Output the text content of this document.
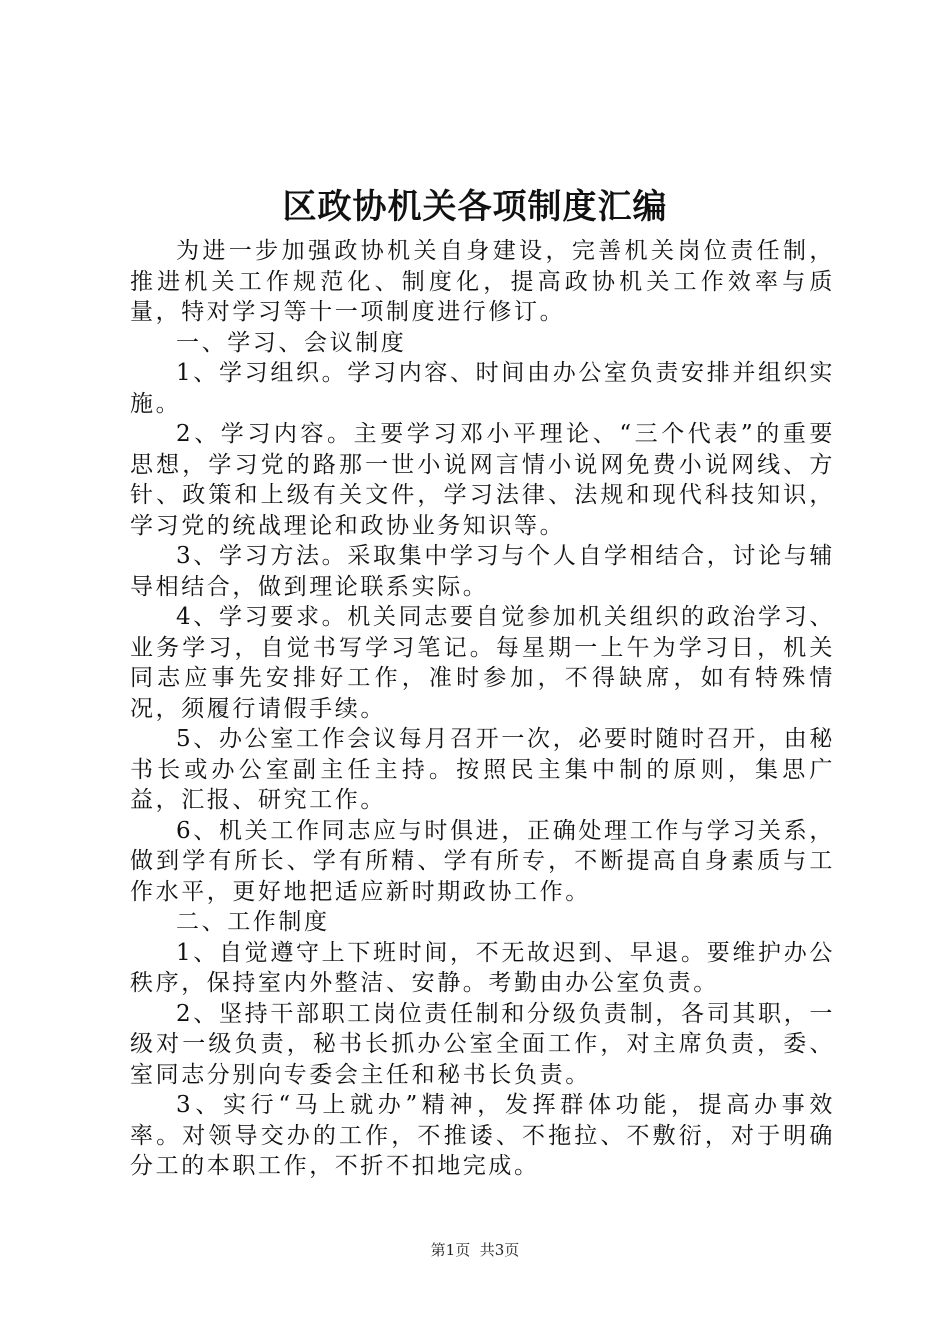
区政协机关各项制度汇编

为进一步加强政协机关自身建设，完善机关岗位责任制，推进机关工作规范化、制度化，提高政协机关工作效率与质量，特对学习等十一项制度进行修订。

一、学习、会议制度

1、学习组织。学习内容、时间由办公室负责安排并组织实施。

2、学习内容。主要学习邓小平理论、“三个代表”的重要思想，学习党的路那一世小说网言情小说网免费小说网线、方针、政策和上级有关文件，学习法律、法规和现代科技知识，学习党的统战理论和政协业务知识等。

3、学习方法。采取集中学习与个人自学相结合，讨论与辅导相结合，做到理论联系实际。

4、学习要求。机关同志要自觉参加机关组织的政治学习、业务学习，自觉书写学习笔记。每星期一上午为学习日，机关同志应事先安排好工作，准时参加，不得缺席，如有特殊情况，须履行请假手续。

5、办公室工作会议每月召开一次，必要时随时召开，由秘书长或办公室副主任主持。按照民主集中制的原则，集思广益，汇报、研究工作。

6、机关工作同志应与时俱进，正确处理工作与学习关系，做到学有所长、学有所精、学有所专，不断提高自身素质与工作水平，更好地把适应新时期政协工作。

二、工作制度

1、自觉遵守上下班时间，不无故迟到、早退。要维护办公秩序，保持室内外整洁、安静。考勤由办公室负责。

2、坚持干部职工岗位责任制和分级负责制，各司其职，一级对一级负责，秘书长抓办公室全面工作，对主席负责，委、室同志分别向专委会主任和秘书长负责。

3、实行“马上就办”精神，发挥群体功能，提高办事效率。对领导交办的工作，不推诿、不拖拉、不敷衍，对于明确分工的本职工作，不折不扣地完成。

第1页 共3页
